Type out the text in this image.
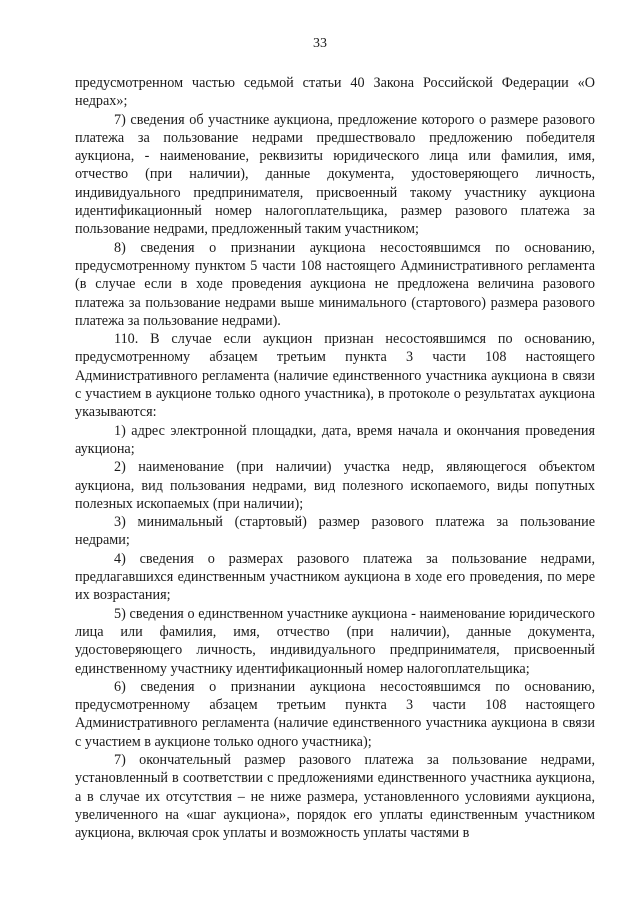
33

предусмотренном частью седьмой статьи 40 Закона Российской Федерации «О недрах»;

7) сведения об участнике аукциона, предложение которого о размере разового платежа за пользование недрами предшествовало предложению победителя аукциона, - наименование, реквизиты юридического лица или фамилия, имя, отчество (при наличии), данные документа, удостоверяющего личность, индивидуального предпринимателя, присвоенный такому участнику аукциона идентификационный номер налогоплательщика, размер разового платежа за пользование недрами, предложенный таким участником;

8) сведения о признании аукциона несостоявшимся по основанию, предусмотренному пунктом 5 части 108 настоящего Административного регламента (в случае если в ходе проведения аукциона не предложена величина разового платежа за пользование недрами выше минимального (стартового) размера разового платежа за пользование недрами).

110. В случае если аукцион признан несостоявшимся по основанию, предусмотренному абзацем третьим пункта 3 части 108 настоящего Административного регламента (наличие единственного участника аукциона в связи с участием в аукционе только одного участника), в протоколе о результатах аукциона указываются:

1) адрес электронной площадки, дата, время начала и окончания проведения аукциона;

2) наименование (при наличии) участка недр, являющегося объектом аукциона, вид пользования недрами, вид полезного ископаемого, виды попутных полезных ископаемых (при наличии);

3) минимальный (стартовый) размер разового платежа за пользование недрами;

4) сведения о размерах разового платежа за пользование недрами, предлагавшихся единственным участником аукциона в ходе его проведения, по мере их возрастания;

5) сведения о единственном участнике аукциона - наименование юридического лица или фамилия, имя, отчество (при наличии), данные документа, удостоверяющего личность, индивидуального предпринимателя, присвоенный единственному участнику идентификационный номер налогоплательщика;

6) сведения о признании аукциона несостоявшимся по основанию, предусмотренному абзацем третьим пункта 3 части 108 настоящего Административного регламента (наличие единственного участника аукциона в связи с участием в аукционе только одного участника);

7) окончательный размер разового платежа за пользование недрами, установленный в соответствии с предложениями единственного участника аукциона, а в случае их отсутствия – не ниже размера, установленного условиями аукциона, увеличенного на «шаг аукциона», порядок его уплаты единственным участником аукциона, включая срок уплаты и возможность уплаты частями в
